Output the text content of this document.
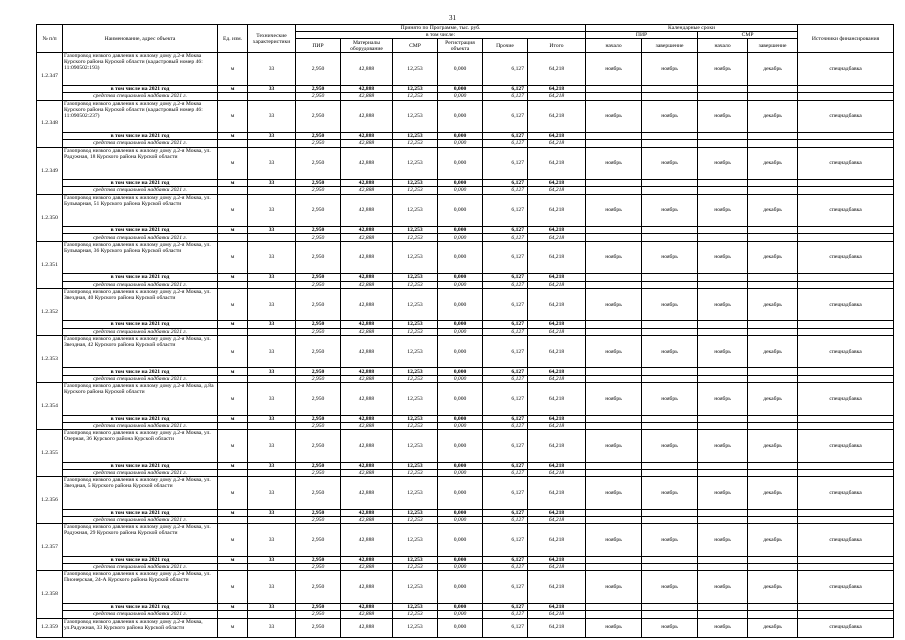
31
№ п/п	Наименование, адрес объекта	Ед. изм.	Технические характеристики	Принято по Программе, тыс. руб.						Календарные сроки				Источники финансирования
				в том числе:						ПИР		СМР		
				ПИР	Материалы оборудование	СМР	Регистрация объекта	Прочие	Итого	начало	завершение	начало	завершение	
1.2.347	Газопровод низкого давления к жилому дому д.2-я Моква Курского района Курской области (кадастровый номер 46: 11:090502:193)	м	33	2,950	42,888	12,253	0,000	6,127	64,218	ноябрь	ноябрь	ноябрь	декабрь	спецнадбавка
	в том числе на 2021 год	м	33	2,950	42,888	12,253	0,000	6,127	64,218					
	средства специальной надбавки 2021 г.			2,950	42,888	12,253	0,000	6,127	64,218					
1.2.348	Газопровод низкого давления к жилому дому д.2-я Моква Курского района Курской области (кадастровый номер 46: 11:090502:237)	м	33	2,950	42,888	12,253	0,000	6,127	64,218	ноябрь	ноябрь	ноябрь	декабрь	спецнадбавка
	в том числе на 2021 год	м	33	2,950	42,888	12,253	0,000	6,127	64,218					
	средства специальной надбавки 2021 г.			2,950	42,888	12,253	0,000	6,127	64,218					
1.2.349	Газопровод низкого давления к жилому дому д.2-я Моква, ул. Радужная, 18 Курского района Курской области	м	33	2,950	42,888	12,253	0,000	6,127	64,218	ноябрь	ноябрь	ноябрь	декабрь	спецнадбавка
	в том числе на 2021 год	м	33	2,950	42,888	12,253	0,000	6,127	64,218					
	средства специальной надбавки 2021 г.			2,950	42,888	12,253	0,000	6,127	64,218					
1.2.350	Газопровод низкого давления к жилому дому д.2-я Моква, ул. Бульварная, 51 Курского района Курской области	м	33	2,950	42,888	12,253	0,000	6,127	64,218	ноябрь	ноябрь	ноябрь	декабрь	спецнадбавка
	в том числе на 2021 год	м	33	2,950	42,888	12,253	0,000	6,127	64,218					
	средства специальной надбавки 2021 г.			2,950	42,888	12,253	0,000	6,127	64,218					
1.2.351	Газопровод низкого давления к жилому дому д.2-я Моква, ул. Бульварная, 36 Курского района Курской области	м	33	2,950	42,888	12,253	0,000	6,127	64,218	ноябрь	ноябрь	ноябрь	декабрь	спецнадбавка
	в том числе на 2021 год	м	33	2,950	42,888	12,253	0,000	6,127	64,218					
	средства специальной надбавки 2021 г.			2,950	42,888	12,253	0,000	6,127	64,218					
1.2.352	Газопровод низкого давления к жилому дому д.2-я Моква, ул. Звездная, 40 Курского района Курской области	м	33	2,950	42,888	12,253	0,000	6,127	64,218	ноябрь	ноябрь	ноябрь	декабрь	спецнадбавка
	в том числе на 2021 год	м	33	2,950	42,888	12,253	0,000	6,127	64,218					
	средства специальной надбавки 2021 г.			2,950	42,888	12,253	0,000	6,127	64,218					
1.2.353	Газопровод низкого давления к жилому дому д.2-я Моква, ул. Звездная, 42 Курского района Курской области	м	33	2,950	42,888	12,253	0,000	6,127	64,218	ноябрь	ноябрь	ноябрь	декабрь	спецнадбавка
	в том числе на 2021 год	м	33	2,950	42,888	12,253	0,000	6,127	64,218					
	средства специальной надбавки 2021 г.			2,950	42,888	12,253	0,000	6,127	64,218					
1.2.354	Газопровод низкого давления к жилому дому д.2-я Моква, д.8а Курского района Курской области	м	33	2,950	42,888	12,253	0,000	6,127	64,218	ноябрь	ноябрь	ноябрь	декабрь	спецнадбавка
	в том числе на 2021 год	м	33	2,950	42,888	12,253	0,000	6,127	64,218					
	средства специальной надбавки 2021 г.			2,950	42,888	12,253	0,000	6,127	64,218					
1.2.355	Газопровод низкого давления к жилому дому д.2-я Моква, ул. Озерная, 36 Курского района Курской области	м	33	2,950	42,888	12,253	0,000	6,127	64,218	ноябрь	ноябрь	ноябрь	декабрь	спецнадбавка
	в том числе на 2021 год	м	33	2,950	42,888	12,253	0,000	6,127	64,218					
	средства специальной надбавки 2021 г.			2,950	42,888	12,253	0,000	6,127	64,218					
1.2.356	Газопровод низкого давления к жилому дому д.2-я Моква, ул. Звездная, 5 Курского района Курской области	м	33	2,950	42,888	12,253	0,000	6,127	64,218	ноябрь	ноябрь	ноябрь	декабрь	спецнадбавка
	в том числе на 2021 год	м	33	2,950	42,888	12,253	0,000	6,127	64,218					
	средства специальной надбавки 2021 г.			2,950	42,888	12,253	0,000	6,127	64,218					
1.2.357	Газопровод низкого давления к жилому дому д.2-я Моква, ул. Радужная, 29 Курского района Курской области	м	33	2,950	42,888	12,253	0,000	6,127	64,218	ноябрь	ноябрь	ноябрь	декабрь	спецнадбавка
	в том числе на 2021 год	м	33	2,950	42,888	12,253	0,000	6,127	64,218					
	средства специальной надбавки 2021 г.			2,950	42,888	12,253	0,000	6,127	64,218					
1.2.358	Газопровод низкого давления к жилому дому д.2-я Моква, ул. Пионерская, 24-А Курского района Курской области	м	33	2,950	42,888	12,253	0,000	6,127	64,218	ноябрь	ноябрь	ноябрь	декабрь	спецнадбавка
	в том числе на 2021 год	м	33	2,950	42,888	12,253	0,000	6,127	64,218					
	средства специальной надбавки 2021 г.			2,950	42,888	12,253	0,000	6,127	64,218					
1.2.359	Газопровод низкого давления к жилому дому д.2-я Моква, ул.Радужная, 33 Курского района Курской области	м	33	2,950	42,888	12,253	0,000	6,127	64,218	ноябрь	ноябрь	ноябрь	декабрь	спецнадбавка
